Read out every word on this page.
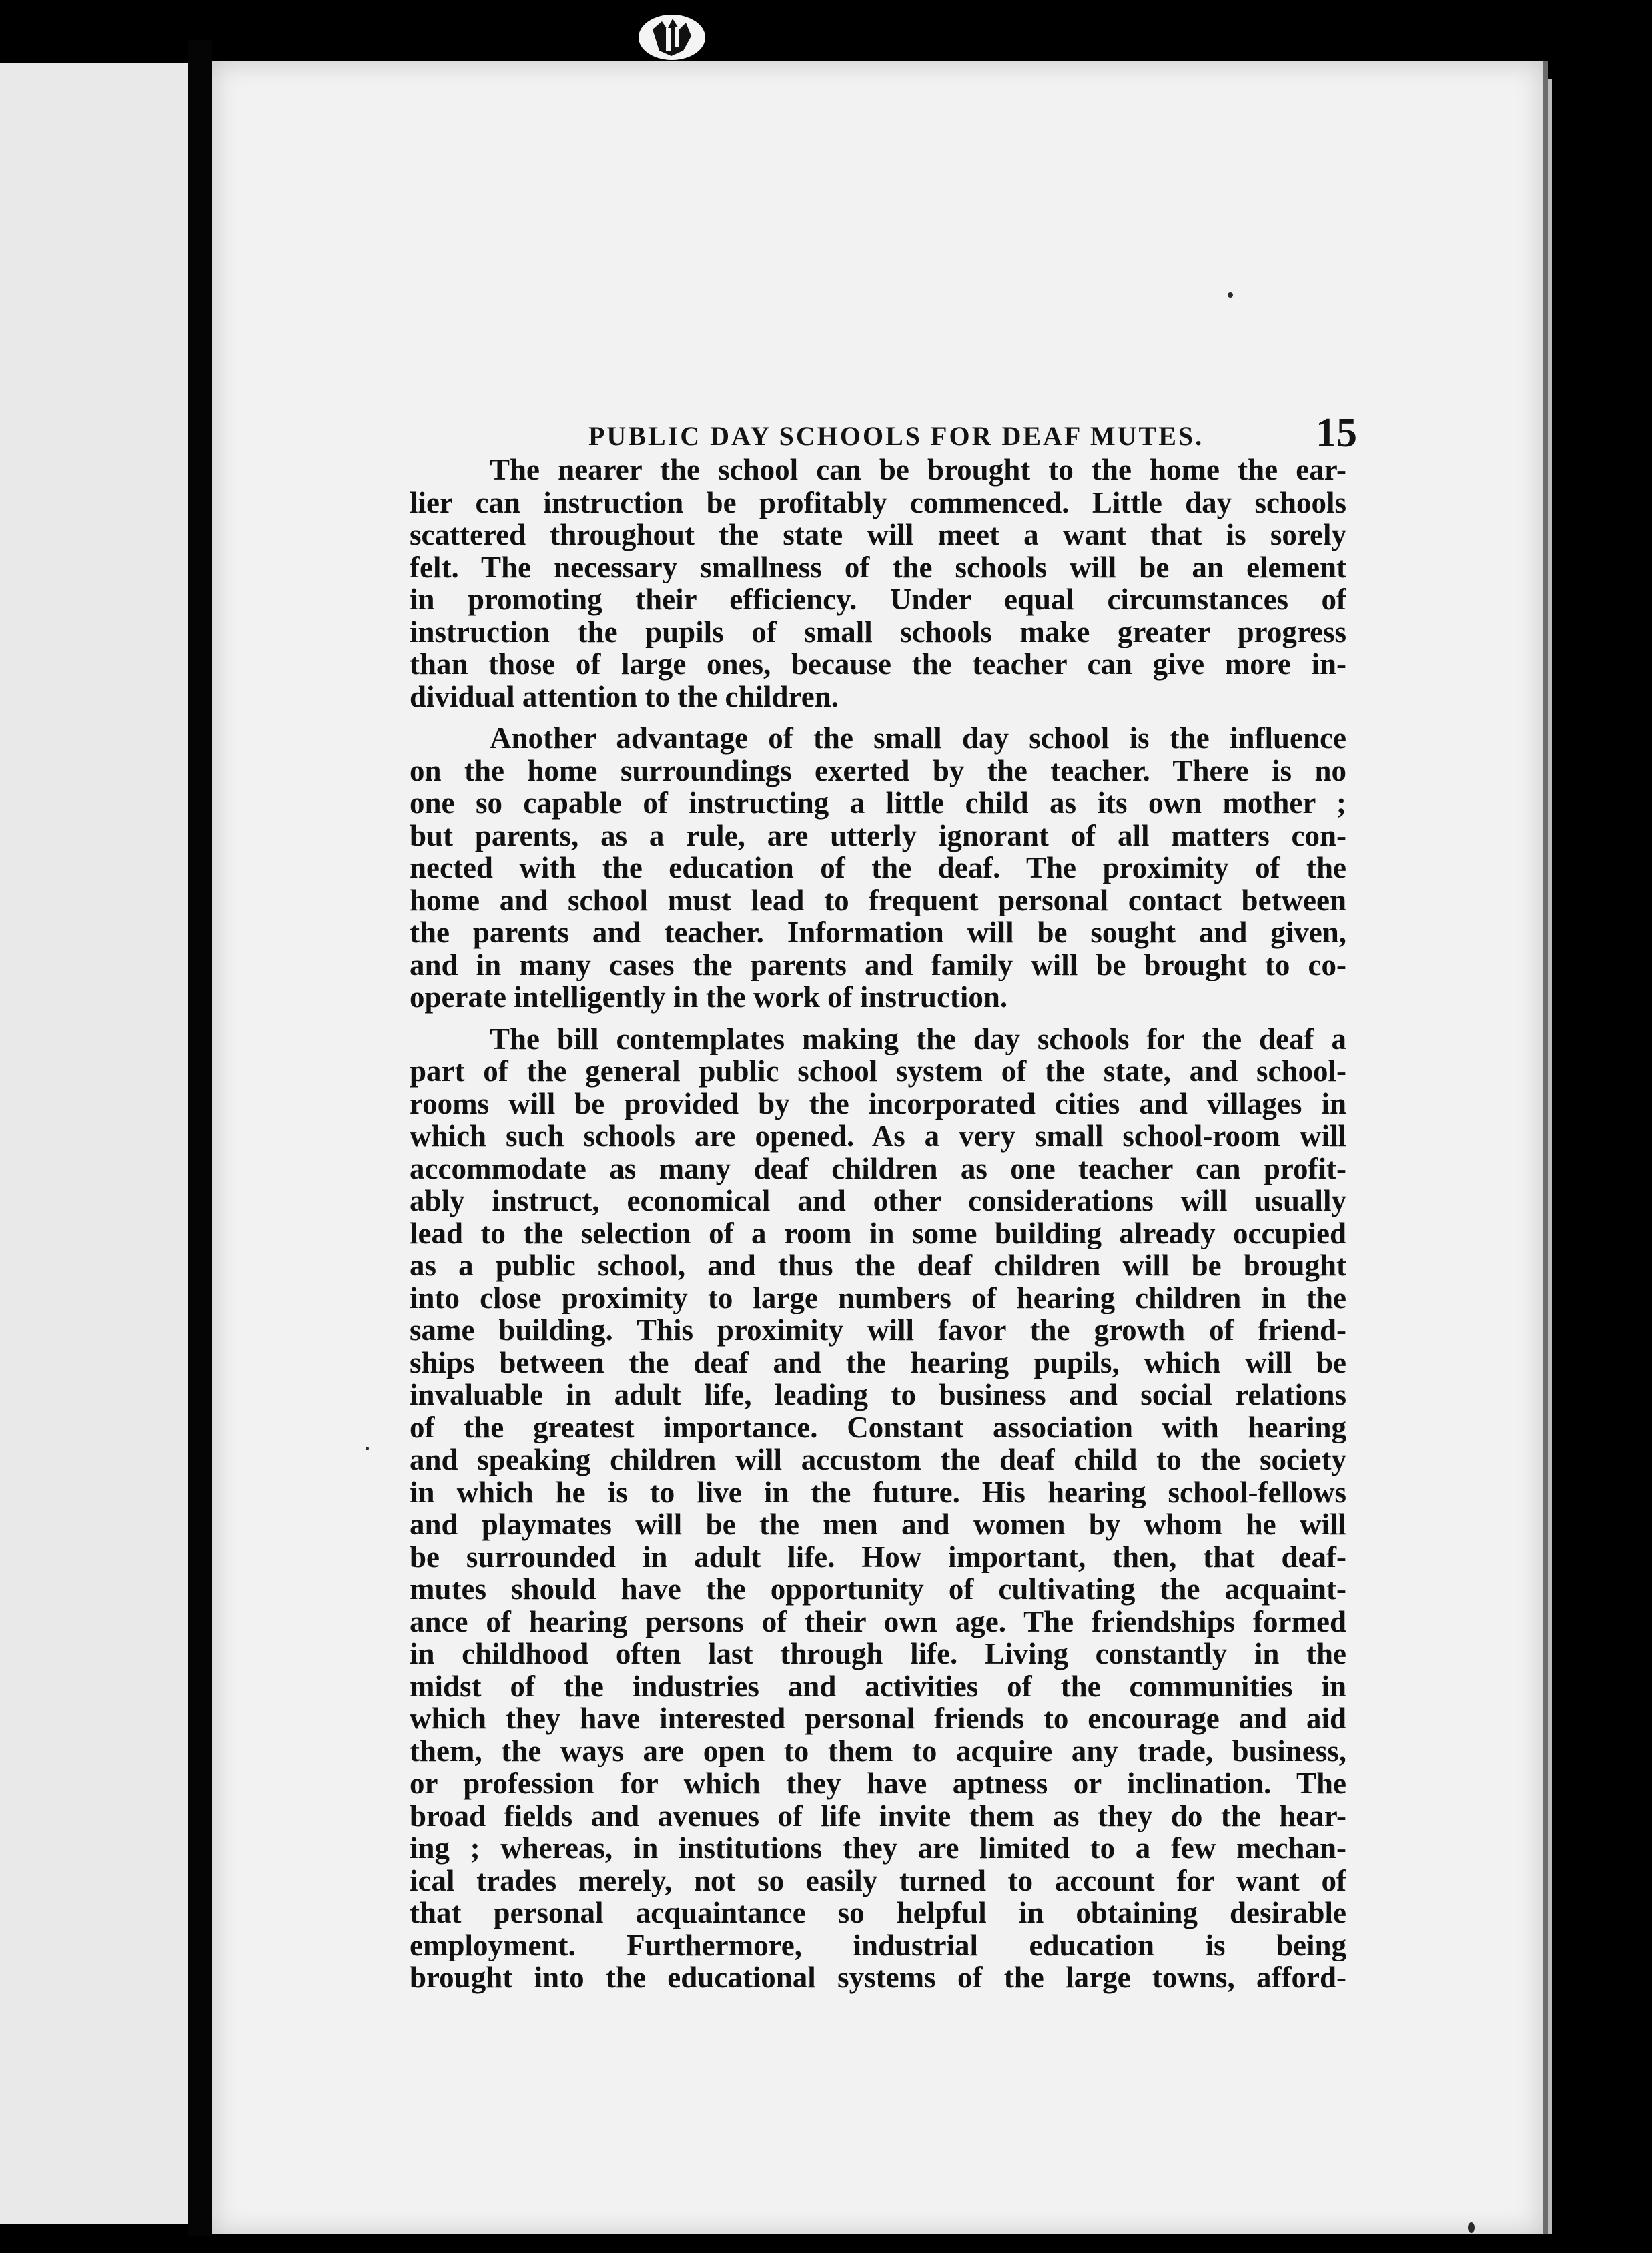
PUBLIC DAY SCHOOLS FOR DEAF MUTES.	15

The nearer the school can be brought to the home the ear-
lier can instruction be profitably commenced. Little day schools
scattered throughout the state will meet a want that is sorely
felt. The necessary smallness of the schools will be an element
in promoting their efficiency. Under equal circumstances of
instruction the pupils of small schools make greater progress
than those of large ones, because the teacher can give more in-
dividual attention to the children.

Another advantage of the small day school is the influence
on the home surroundings exerted by the teacher. There is no
one so capable of instructing a little child as its own mother ;
but parents, as a rule, are utterly ignorant of all matters con-
nected with the education of the deaf. The proximity of the
home and school must lead to frequent personal contact between
the parents and teacher. Information will be sought and given,
and in many cases the parents and family will be brought to co-
operate intelligently in the work of instruction.

The bill contemplates making the day schools for the deaf a
part of the general public school system of the state, and school-
rooms will be provided by the incorporated cities and villages in
which such schools are opened. As a very small school-room will
accommodate as many deaf children as one teacher can profit-
ably instruct, economical and other considerations will usually
lead to the selection of a room in some building already occupied
as a public school, and thus the deaf children will be brought
into close proximity to large numbers of hearing children in the
same building. This proximity will favor the growth of friend-
ships between the deaf and the hearing pupils, which will be
invaluable in adult life, leading to business and social relations
of the greatest importance. Constant association with hearing
and speaking children will accustom the deaf child to the society
in which he is to live in the future. His hearing school-fellows
and playmates will be the men and women by whom he will
be surrounded in adult life. How important, then, that deaf-
mutes should have the opportunity of cultivating the acquaint-
ance of hearing persons of their own age. The friendships formed
in childhood often last through life. Living constantly in the
midst of the industries and activities of the communities in
which they have interested personal friends to encourage and aid
them, the ways are open to them to acquire any trade, business,
or profession for which they have aptness or inclination. The
broad fields and avenues of life invite them as they do the hear-
ing ; whereas, in institutions they are limited to a few mechan-
ical trades merely, not so easily turned to account for want of
that personal acquaintance so helpful in obtaining desirable
employment. Furthermore, industrial education is being
brought into the educational systems of the large towns, afford-
